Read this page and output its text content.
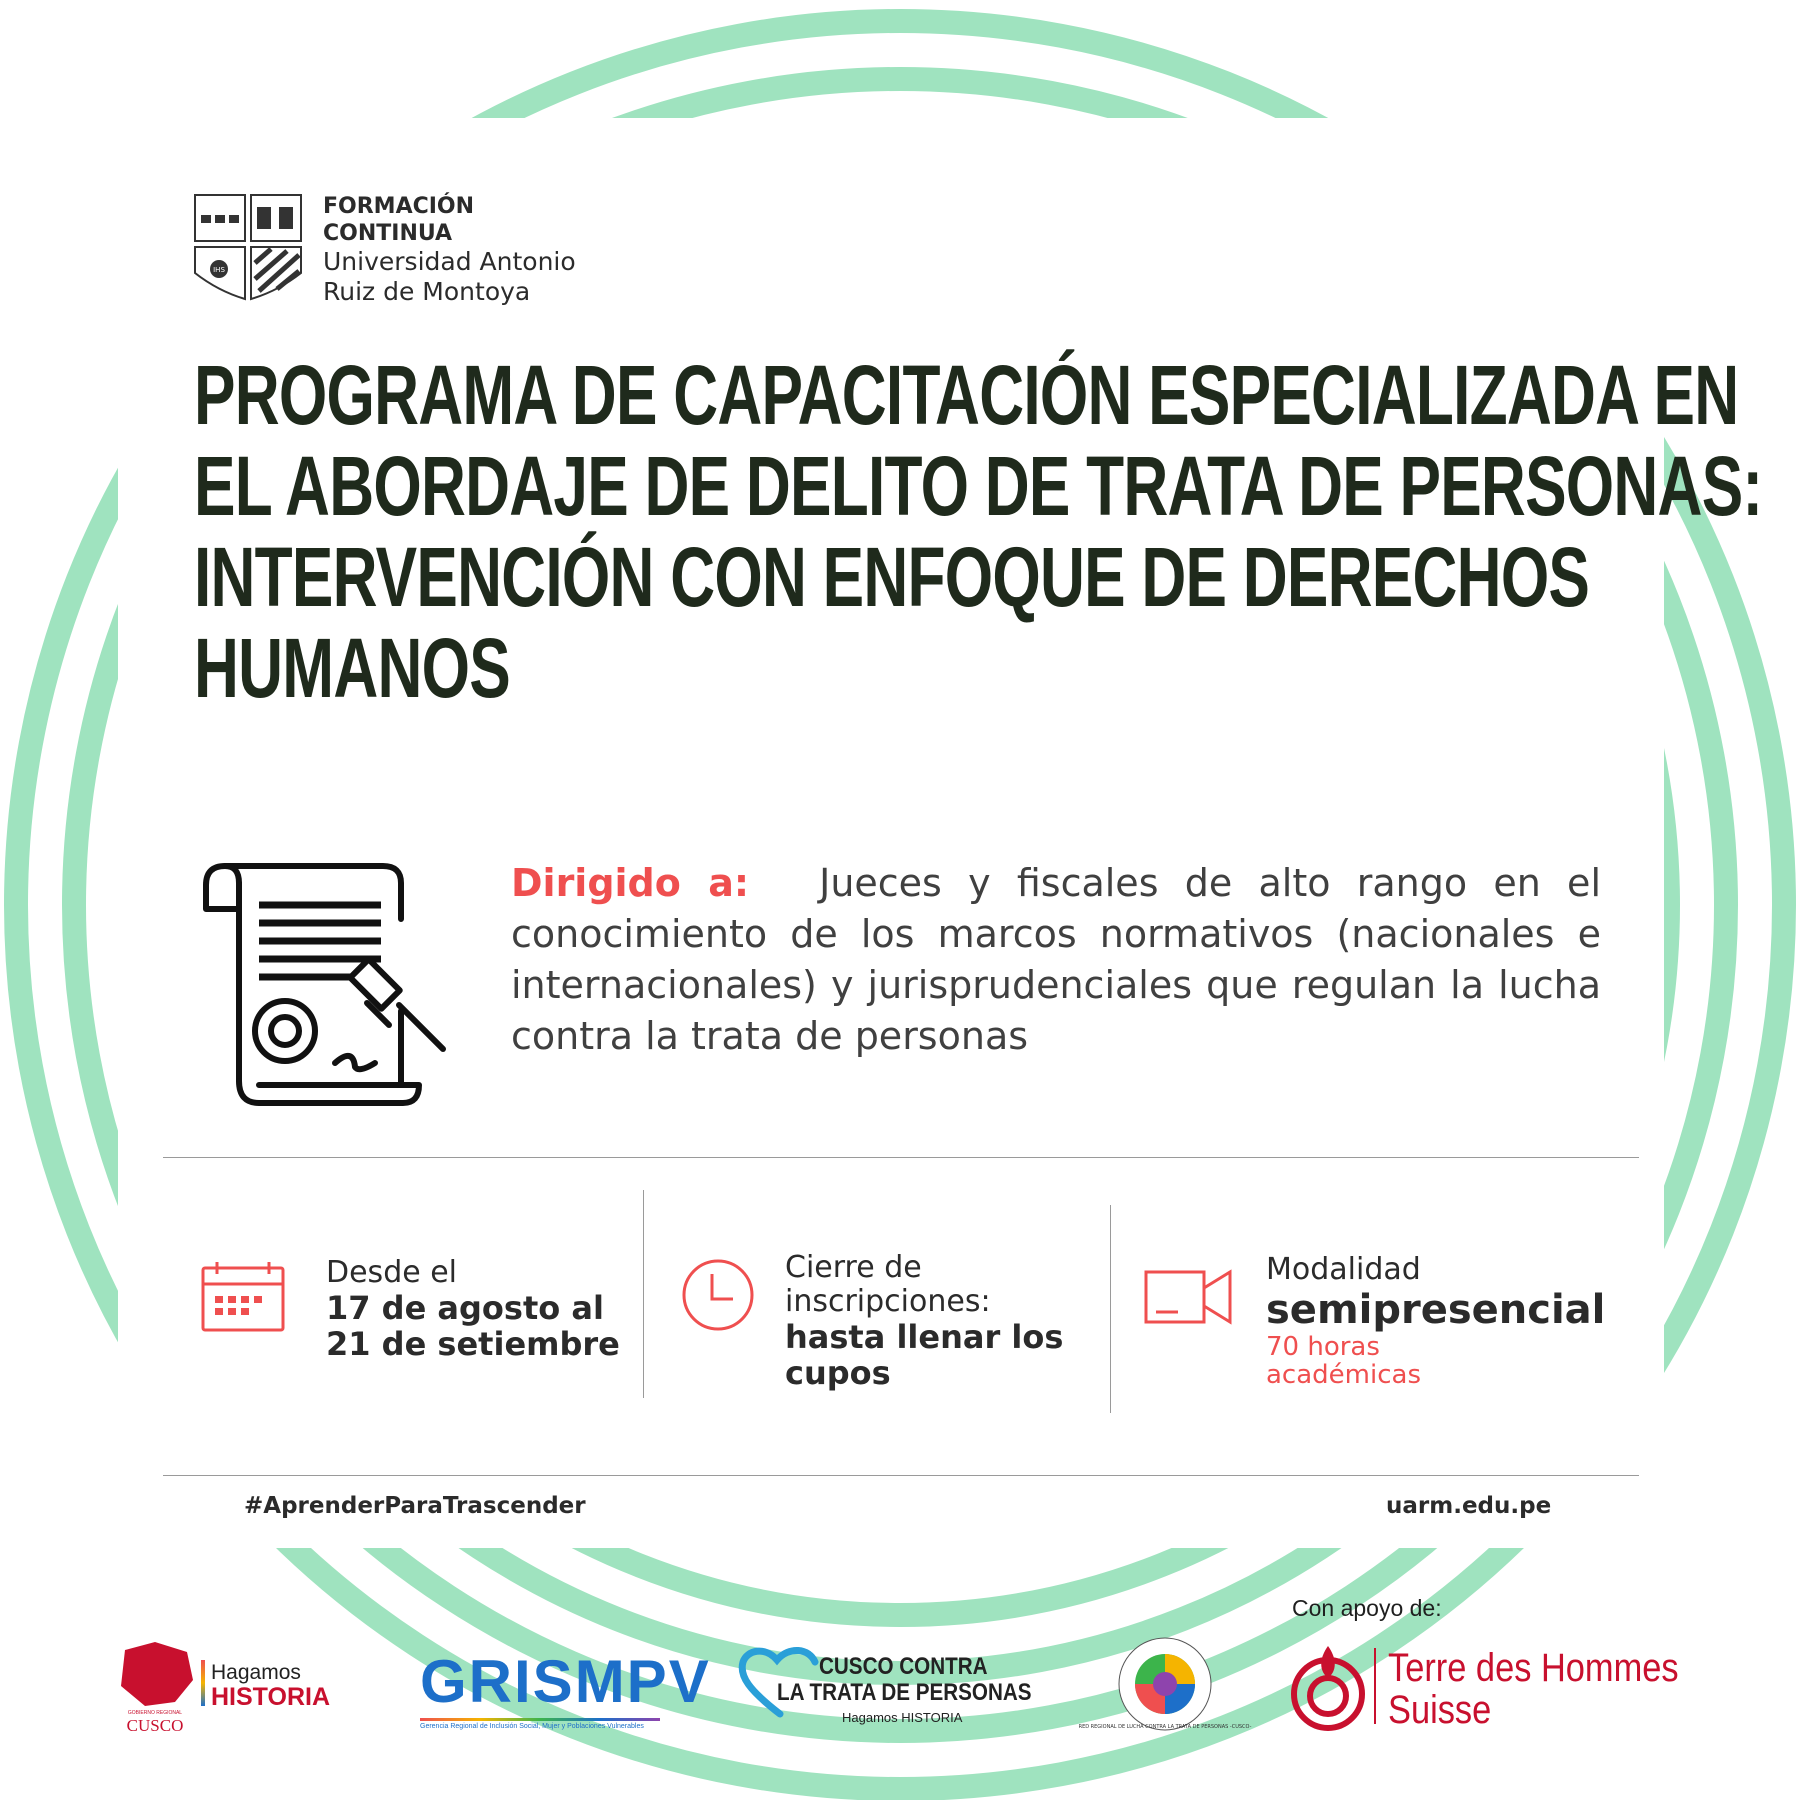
IHS
FORMACIÓN
CONTINUA
Universidad Antonio
Ruiz de Montoya
PROGRAMA DE CAPACITACIÓN ESPECIALIZADA EN
EL ABORDAJE DE DELITO DE TRATA DE PERSONAS:
INTERVENCIÓN CON ENFOQUE DE DERECHOS
HUMANOS
Dirigido a: Jueces y fiscales de alto rango en el conocimiento de los marcos normativos (nacionales e internacionales) y jurisprudenciales que regulan la lucha contra la trata de personas
Desde el
17 de agosto al
21 de setiembre
Cierre de
inscripciones:
hasta llenar los
cupos
Modalidad
semipresencial
70 horas
académicas
#AprenderParaTrascender	uarm.edu.pe
Con apoyo de:
GOBIERNO REGIONAL
CUSCO
Hagamos
HISTORIA GRISMPV
Gerencia Regional de Inclusión Social, Mujer y Poblaciones Vulnerables
CUSCO CONTRA
LA TRATA DE PERSONAS
Hagamos HISTORIA
RED REGIONAL DE LUCHA CONTRA LA TRATA DE PERSONAS -CUSCO-
Terre des Hommes
Suisse
